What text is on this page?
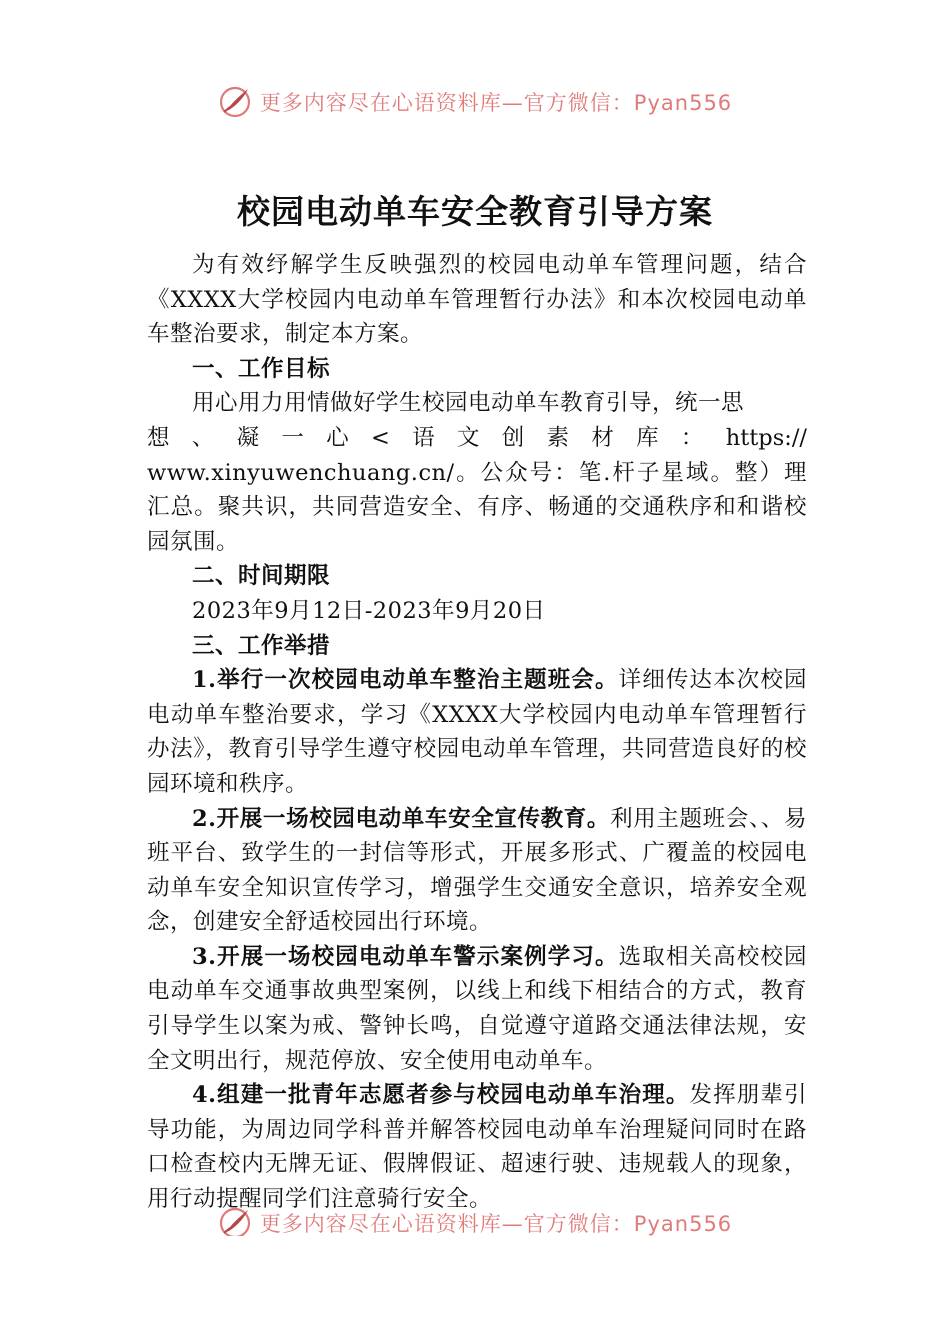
更多内容尽在心语资料库—官方微信：Pyan556
校园电动单车安全教育引导方案

为有效纾解学生反映强烈的校园电动单车管理问题，结合《XXXX大学校园内电动单车管理暂行办法》和本次校园电动单车整治要求，制定本方案。

一、工作目标

用心用力用情做好学生校园电动单车教育引导，统一思

想、凝一心<语文创素材库：https://

www.xinyuwenchuang.cn/。公众号：笔.杆子星域。整）理汇总。聚共识，共同营造安全、有序、畅通的交通秩序和和谐校园氛围。

二、时间期限

2023年9月12日-2023年9月20日

三、工作举措

1.举行一次校园电动单车整治主题班会。详细传达本次校园电动单车整治要求，学习《XXXX大学校园内电动单车管理暂行办法》，教育引导学生遵守校园电动单车管理，共同营造良好的校园环境和秩序。

2.开展一场校园电动单车安全宣传教育。利用主题班会、、易班平台、致学生的一封信等形式，开展多形式、广覆盖的校园电动单车安全知识宣传学习，增强学生交通安全意识，培养安全观念，创建安全舒适校园出行环境。

3.开展一场校园电动单车警示案例学习。选取相关高校校园电动单车交通事故典型案例，以线上和线下相结合的方式，教育引导学生以案为戒、警钟长鸣，自觉遵守道路交通法律法规，安全文明出行，规范停放、安全使用电动单车。

4.组建一批青年志愿者参与校园电动单车治理。发挥朋辈引导功能，为周边同学科普并解答校园电动单车治理疑问同时在路口检查校内无牌无证、假牌假证、超速行驶、违规载人的现象，用行动提醒同学们注意骑行安全。

更多内容尽在心语资料库—官方微信：Pyan556
